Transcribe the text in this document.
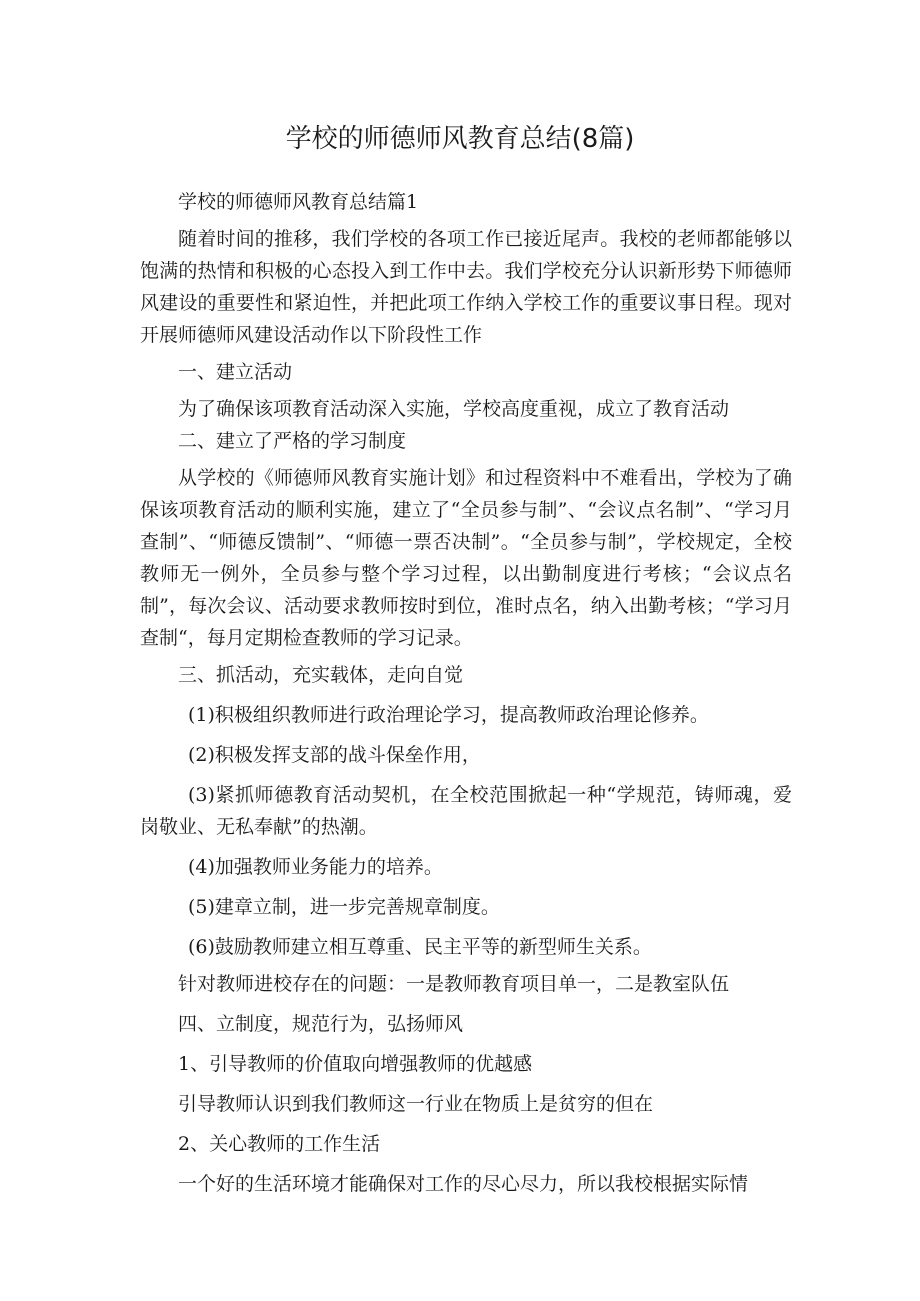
学校的师德师风教育总结(8篇)

学校的师德师风教育总结篇1

随着时间的推移，我们学校的各项工作已接近尾声。我校的老师都能够以饱满的热情和积极的心态投入到工作中去。我们学校充分认识新形势下师德师风建设的重要性和紧迫性，并把此项工作纳入学校工作的重要议事日程。现对开展师德师风建设活动作以下阶段性工作

一、建立活动

为了确保该项教育活动深入实施，学校高度重视，成立了教育活动

二、建立了严格的学习制度

从学校的《师德师风教育实施计划》和过程资料中不难看出，学校为了确保该项教育活动的顺利实施，建立了“全员参与制”、“会议点名制”、“学习月查制”、“师德反馈制”、“师德一票否决制”。“全员参与制”，学校规定，全校教师无一例外，全员参与整个学习过程，以出勤制度进行考核；“会议点名制”，每次会议、活动要求教师按时到位，准时点名，纳入出勤考核；“学习月查制“，每月定期检查教师的学习记录。

三、抓活动，充实载体，走向自觉

(1)积极组织教师进行政治理论学习，提高教师政治理论修养。

(2)积极发挥支部的战斗保垒作用，

(3)紧抓师德教育活动契机，在全校范围掀起一种“学规范，铸师魂，爱岗敬业、无私奉献”的热潮。

(4)加强教师业务能力的培养。

(5)建章立制，进一步完善规章制度。

(6)鼓励教师建立相互尊重、民主平等的新型师生关系。

针对教师进校存在的问题：一是教师教育项目单一，二是教室队伍

四、立制度，规范行为，弘扬师风

1、引导教师的价值取向增强教师的优越感

引导教师认识到我们教师这一行业在物质上是贫穷的但在

2、关心教师的工作生活

一个好的生活环境才能确保对工作的尽心尽力，所以我校根据实际情
